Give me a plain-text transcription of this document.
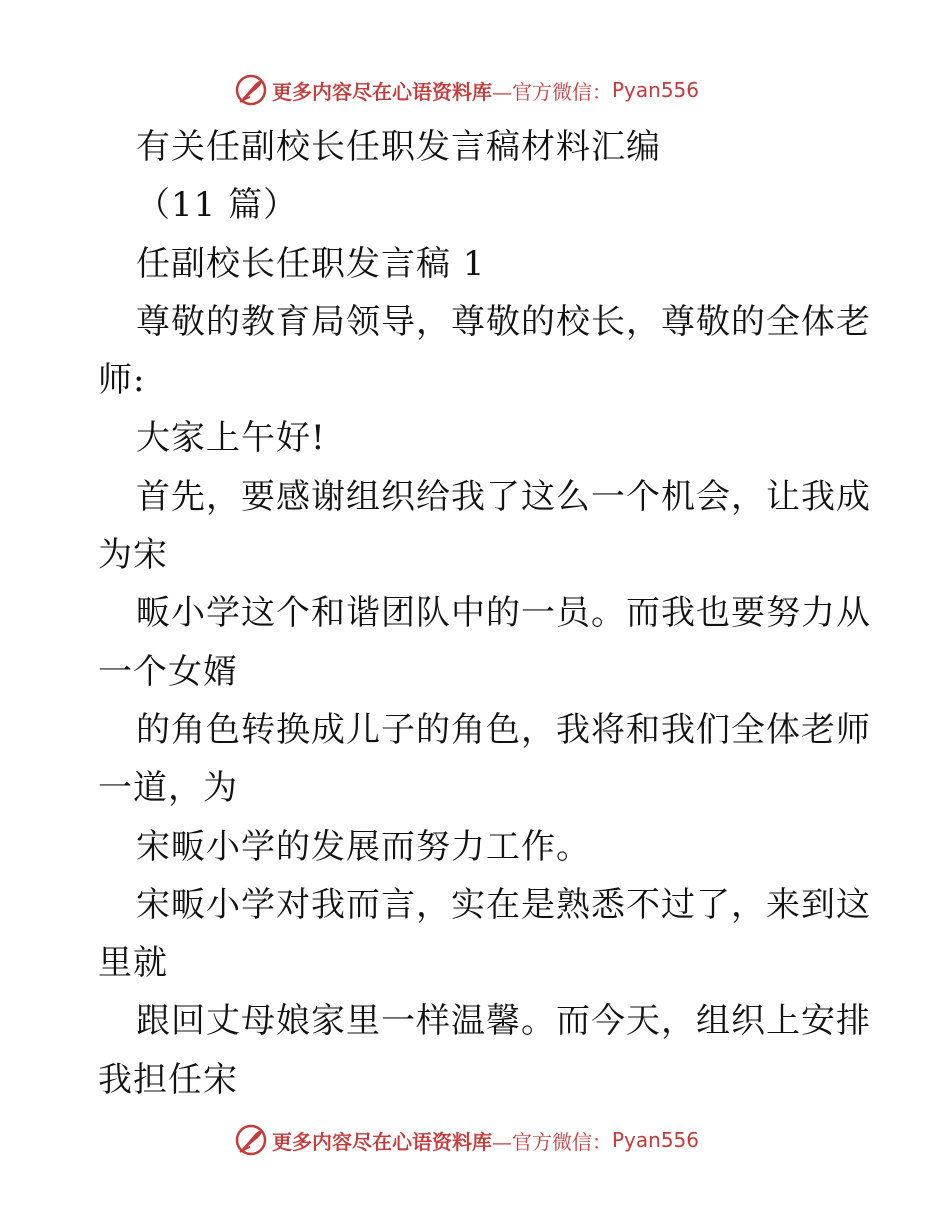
更多内容尽在心语资料库 —官方微信： Pyan556
有关任副校长任职发言稿材料汇编
（11 篇）
任副校长任职发言稿 1
尊敬的教育局领导，尊敬的校长，尊敬的全体老
师:
大家上午好!
首先，要感谢组织给我了这么一个机会，让我成
为宋
畈小学这个和谐团队中的一员。而我也要努力从
一个女婿
的角色转换成儿子的角色，我将和我们全体老师
一道，为
宋畈小学的发展而努力工作。
宋畈小学对我而言，实在是熟悉不过了，来到这
里就
跟回丈母娘家里一样温馨。而今天，组织上安排
我担任宋
更多内容尽在心语资料库 —官方微信： Pyan556
